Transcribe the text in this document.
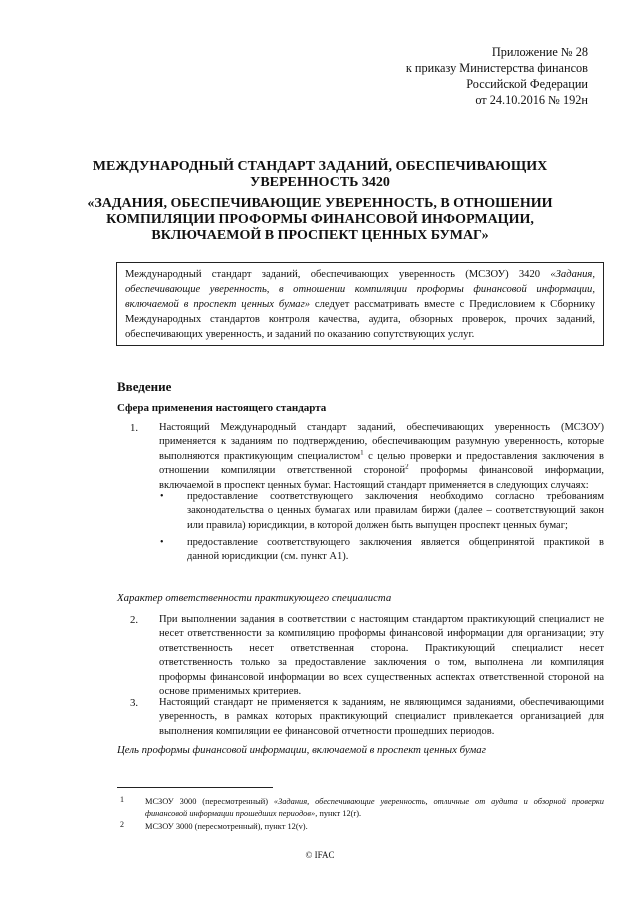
Приложение № 28
к приказу Министерства финансов
Российской Федерации
от 24.10.2016 № 192н
МЕЖДУНАРОДНЫЙ СТАНДАРТ ЗАДАНИЙ, ОБЕСПЕЧИВАЮЩИХ
УВЕРЕННОСТЬ 3420
«ЗАДАНИЯ, ОБЕСПЕЧИВАЮЩИЕ УВЕРЕННОСТЬ, В ОТНОШЕНИИ
КОМПИЛЯЦИИ ПРОФОРМЫ ФИНАНСОВОЙ ИНФОРМАЦИИ,
ВКЛЮЧАЕМОЙ В ПРОСПЕКТ ЦЕННЫХ БУМАГ»
Международный стандарт заданий, обеспечивающих уверенность (МСЗОУ) 3420 «Задания,
обеспечивающие уверенность, в отношении компиляции проформы финансовой информации,
включаемой в проспект ценных бумаг» следует рассматривать вместе с Предисловием к Сборнику
Международных стандартов контроля качества, аудита, обзорных проверок, прочих заданий,
обеспечивающих уверенность, и заданий по оказанию сопутствующих услуг.
Введение
Сфера применения настоящего стандарта
1. Настоящий Международный стандарт заданий, обеспечивающих уверенность (МСЗОУ)
применяется к заданиям по подтверждению, обеспечивающим разумную уверенность, которые
выполняются практикующим специалистом$^1$ с целью проверки и предоставления заключения в
отношении компиляции ответственной стороной$^2$ проформы финансовой информации,
включаемой в проспект ценных бумаг. Настоящий стандарт применяется в следующих случаях:
• предоставление соответствующего заключения необходимо согласно требованиям
законодательства о ценных бумагах или правилам биржи (далее – соответствующий закон
или правила) юрисдикции, в которой должен быть выпущен проспект ценных бумаг;
• предоставление соответствующего заключения является общепринятой практикой в
данной юрисдикции (см. пункт А1).
Характер ответственности практикующего специалиста
2. При выполнении задания в соответствии с настоящим стандартом практикующий специалист не
несет ответственности за компиляцию проформы финансовой информации для организации; эту
ответственность несет ответственная сторона. Практикующий специалист несет
ответственность только за предоставление заключения о том, выполнена ли компиляция
проформы финансовой информации во всех существенных аспектах ответственной стороной на
основе применимых критериев.
3. Настоящий стандарт не применяется к заданиям, не являющимся заданиями, обеспечивающими
уверенность, в рамках которых практикующий специалист привлекается организацией для
выполнения компиляции ее финансовой отчетности прошедших периодов.
Цель проформы финансовой информации, включаемой в проспект ценных бумаг
1	МСЗОУ 3000 (пересмотренный) «Задания, обеспечивающие уверенность, отличные от аудита и обзорной проверки
финансовой информации прошедших периодов», пункт 12(r).
2	МСЗОУ 3000 (пересмотренный), пункт 12(v).
© IFAC
